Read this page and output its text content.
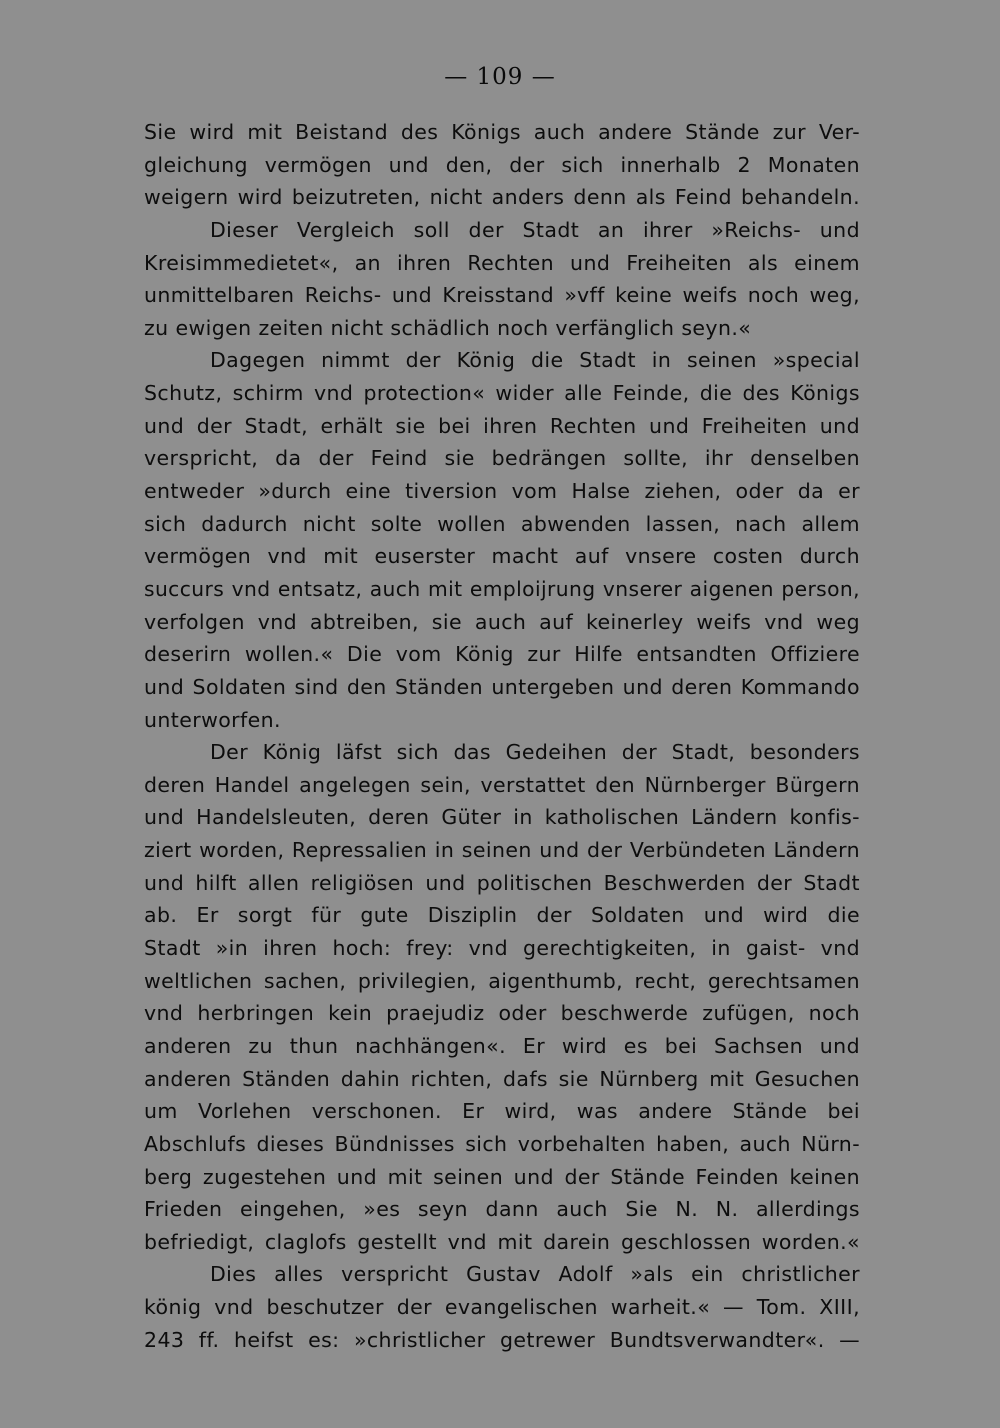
— 109 —
Sie wird mit Beistand des Königs auch andere Stände zur Ver-
gleichung vermögen und den, der sich innerhalb 2 Monaten
weigern wird beizutreten, nicht anders denn als Feind behandeln.
Dieser Vergleich soll der Stadt an ihrer »Reichs- und
Kreisimmedietet«, an ihren Rechten und Freiheiten als einem
unmittelbaren Reichs- und Kreisstand »vff keine weifs noch weg,
zu ewigen zeiten nicht schädlich noch verfänglich seyn.«
Dagegen nimmt der König die Stadt in seinen »special
Schutz, schirm vnd protection« wider alle Feinde, die des Königs
und der Stadt, erhält sie bei ihren Rechten und Freiheiten und
verspricht, da der Feind sie bedrängen sollte, ihr denselben
entweder »durch eine tiversion vom Halse ziehen, oder da er
sich dadurch nicht solte wollen abwenden lassen, nach allem
vermögen vnd mit euserster macht auf vnsere costen durch
succurs vnd entsatz, auch mit emploijrung vnserer aigenen person,
verfolgen vnd abtreiben, sie auch auf keinerley weifs vnd weg
deserirn wollen.« Die vom König zur Hilfe entsandten Offiziere
und Soldaten sind den Ständen untergeben und deren Kommando
unterworfen.
Der König läfst sich das Gedeihen der Stadt, besonders
deren Handel angelegen sein, verstattet den Nürnberger Bürgern
und Handelsleuten, deren Güter in katholischen Ländern konfis-
ziert worden, Repressalien in seinen und der Verbündeten Ländern
und hilft allen religiösen und politischen Beschwerden der Stadt
ab. Er sorgt für gute Disziplin der Soldaten und wird die
Stadt »in ihren hoch: frey: vnd gerechtigkeiten, in gaist- vnd
weltlichen sachen, privilegien, aigenthumb, recht, gerechtsamen
vnd herbringen kein praejudiz oder beschwerde zufügen, noch
anderen zu thun nachhängen«. Er wird es bei Sachsen und
anderen Ständen dahin richten, dafs sie Nürnberg mit Gesuchen
um Vorlehen verschonen. Er wird, was andere Stände bei
Abschlufs dieses Bündnisses sich vorbehalten haben, auch Nürn-
berg zugestehen und mit seinen und der Stände Feinden keinen
Frieden eingehen, »es seyn dann auch Sie N. N. allerdings
befriedigt, claglofs gestellt vnd mit darein geschlossen worden.«
Dies alles verspricht Gustav Adolf »als ein christlicher
könig vnd beschutzer der evangelischen warheit.« — Tom. XIII,
243 ff. heifst es: »christlicher getrewer Bundtsverwandter«. —
